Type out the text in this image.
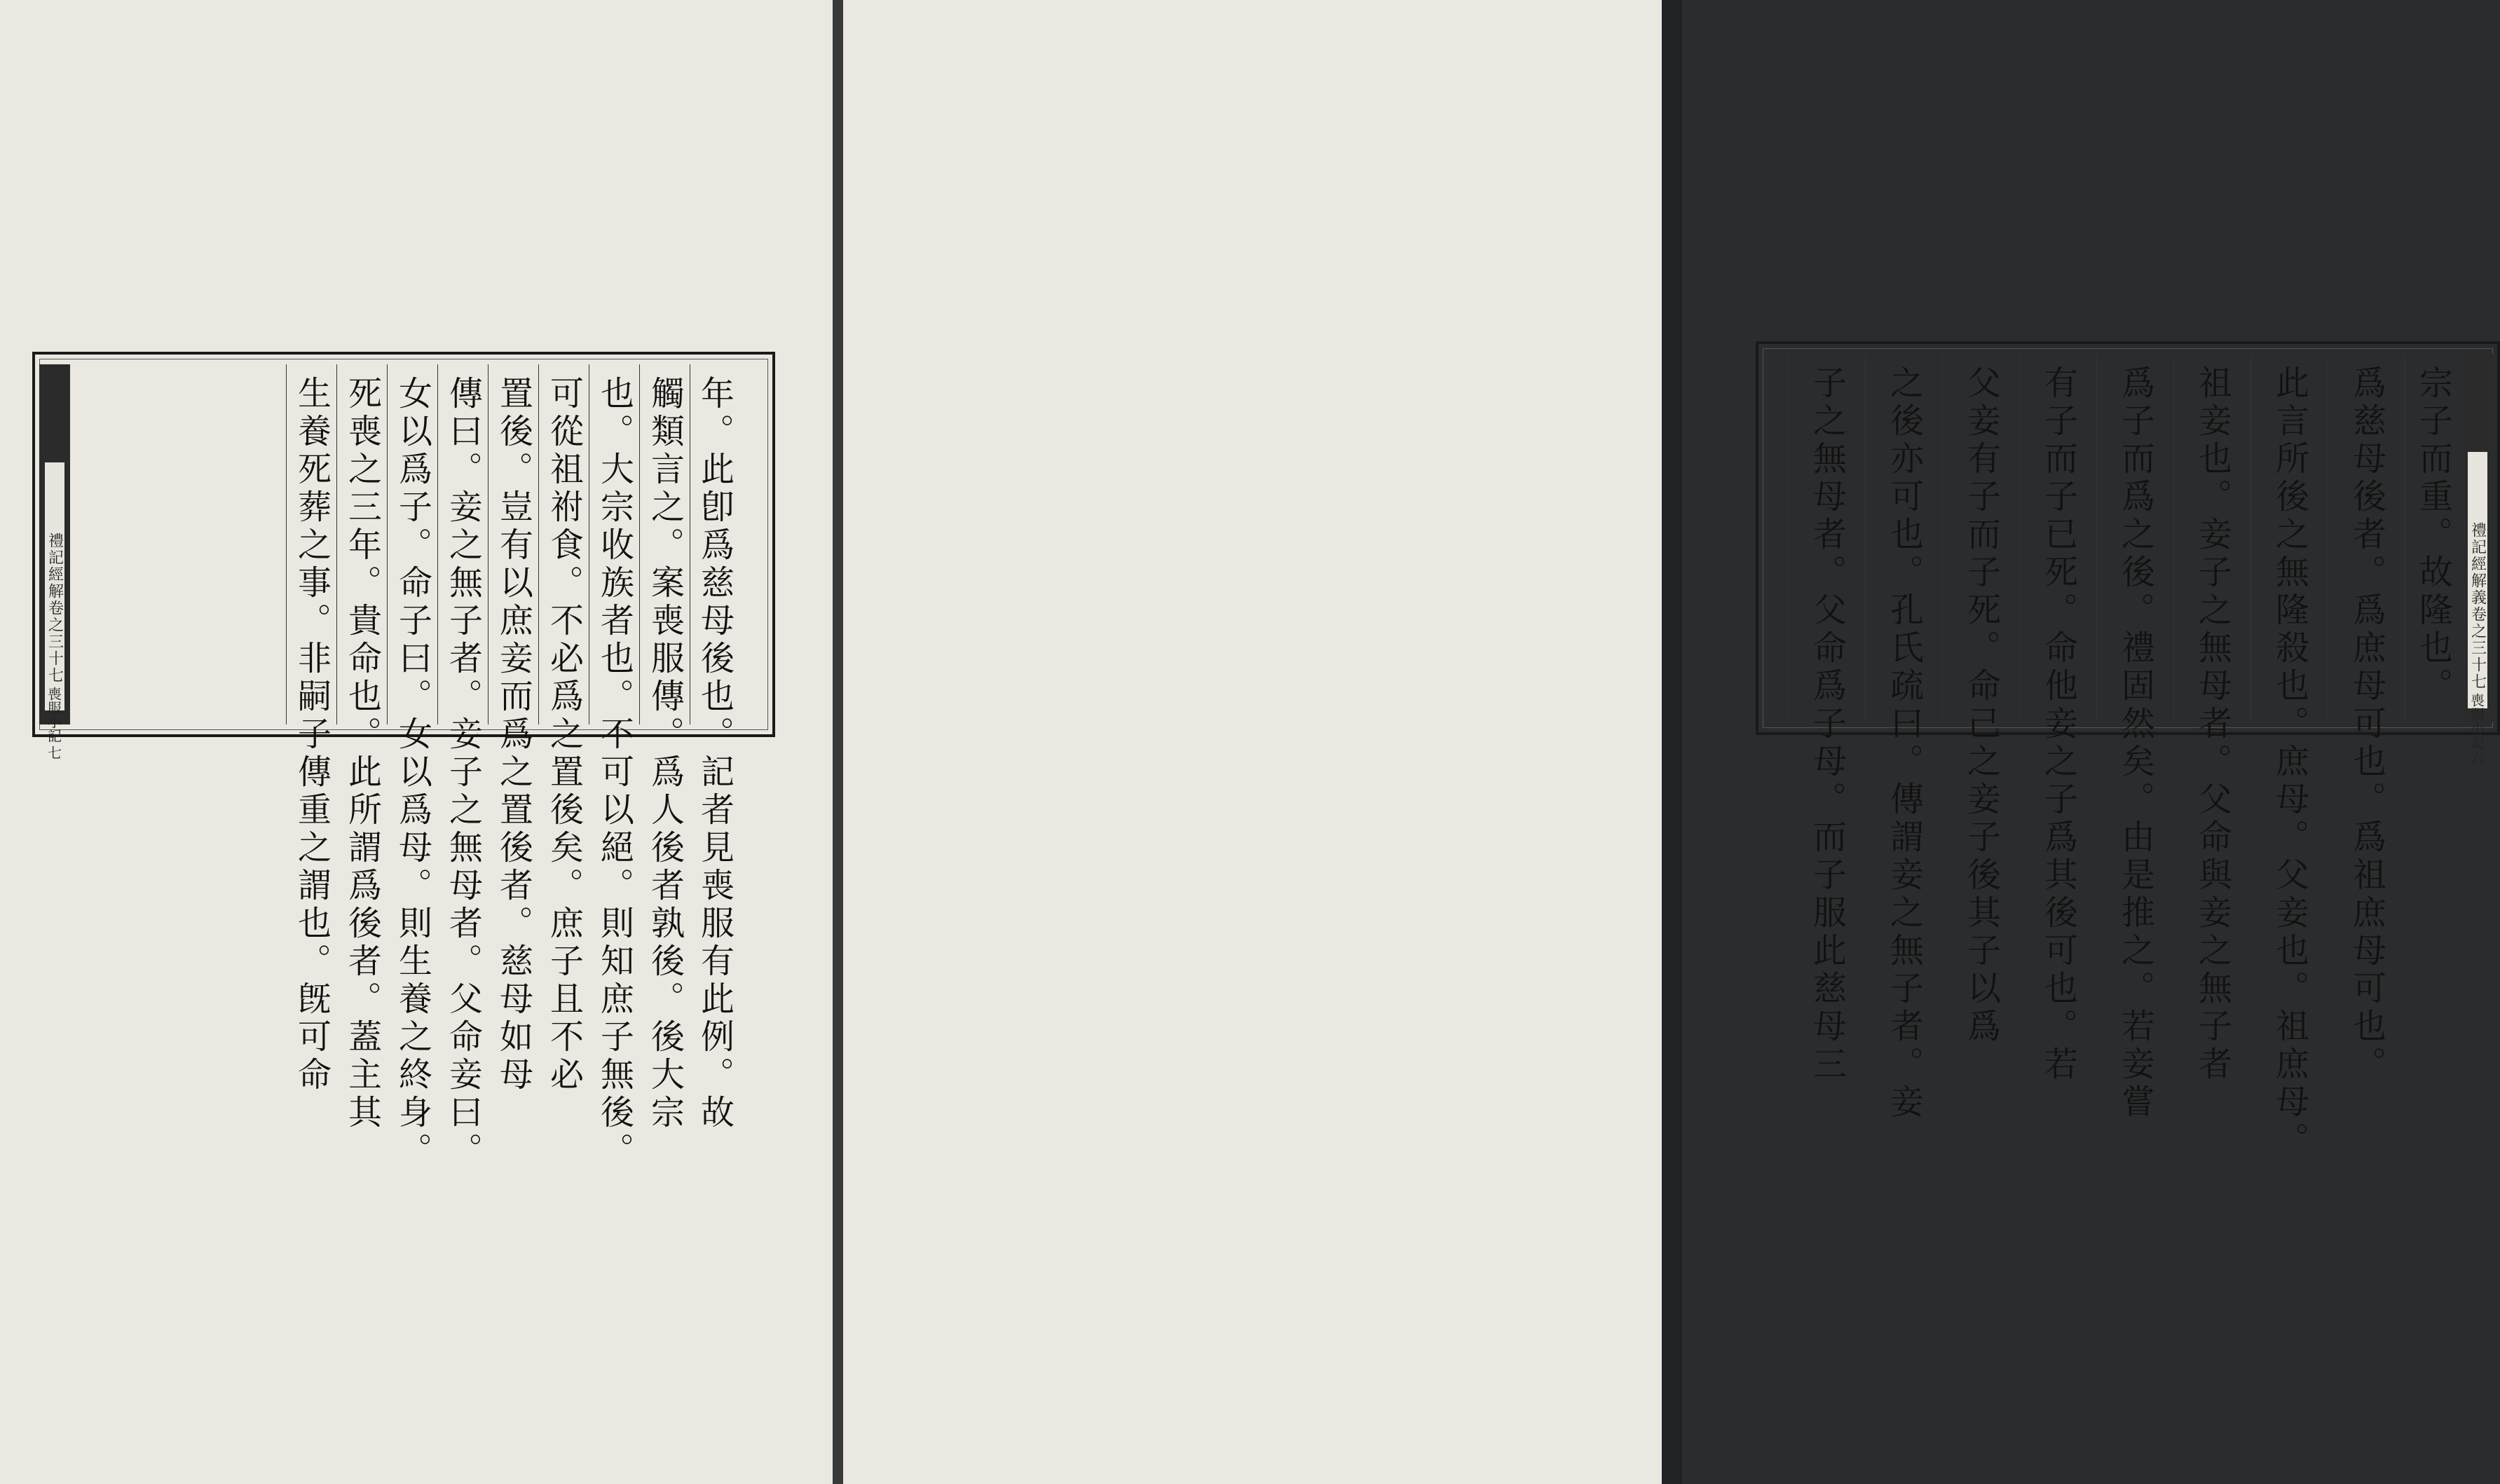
年。此卽爲慈母後也。記者見喪服有此例。故
觸類言之。案喪服傳。爲人後者孰後。後大宗
也。大宗收族者也。不可以絕。則知庶子無後。
可從祖祔食。不必爲之置後矣。庶子且不必
置後。豈有以庶妾而爲之置後者。慈母如母
傳曰。妾之無子者。妾子之無母者。父命妾曰。
女以爲子。命子曰。女以爲母。則生養之終身。
死喪之三年。貴命也。此所謂爲後者。蓋主其
生養死葬之事。非嗣子傳重之謂也。旣可命
禮記經解卷之三十七 喪服小記 七
禮記經解義卷之三十七 喪服小記 六
宗子而重。故隆也。
爲慈母後者。爲庶母可也。爲祖庶母可也。
此言所後之無隆殺也。庶母。父妾也。祖庶母。
祖妾也。妾子之無母者。父命與妾之無子者
爲子而爲之後。禮固然矣。由是推之。若妾嘗
有子而子已死。命他妾之子爲其後可也。若
父妾有子而子死。命己之妾子後其子以爲
之後亦可也。孔氏疏曰。傳謂妾之無子者。妾
子之無母者。父命爲子母。而子服此慈母三
